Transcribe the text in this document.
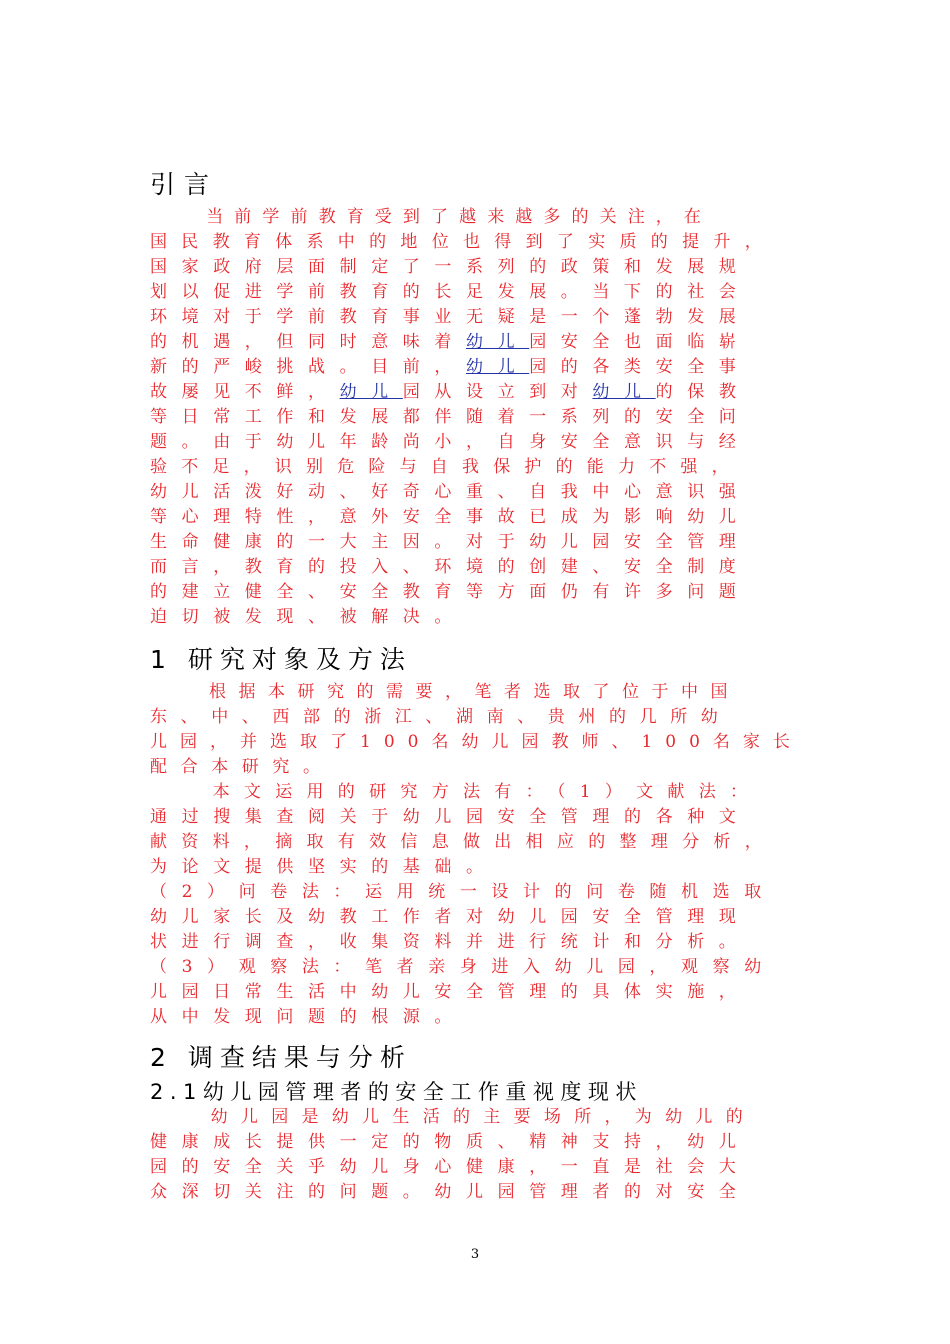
引言

　　当前学前教育受到了越来越多的关注，在

国民教育体系中的地位也得到了实质的提升，

国家政府层面制定了一系列的政策和发展规

划以促进学前教育的长足发展。当下的社会

环境对于学前教育事业无疑是一个蓬勃发展

的机遇，但同时意味着幼儿园安全也面临崭

新的严峻挑战。目前，幼儿园的各类安全事

故屡见不鲜，幼儿园从设立到对幼儿的保教

等日常工作和发展都伴随着一系列的安全问

题。由于幼儿年龄尚小，自身安全意识与经

验不足，识别危险与自我保护的能力不强，

幼儿活泼好动、好奇心重、自我中心意识强

等心理特性，意外安全事故已成为影响幼儿

生命健康的一大主因。对于幼儿园安全管理

而言，教育的投入、环境的创建、安全制度

的建立健全、安全教育等方面仍有许多问题

迫切被发现、被解决。

1 研究对象及方法

　　根据本研究的需要，笔者选取了位于中国

东、中、西部的浙江、湖南、贵州的几所幼

儿园，并选取了100名幼儿园教师、100名家长

配合本研究。

　　本文运用的研究方法有：（1）文献法：

通过搜集查阅关于幼儿园安全管理的各种文

献资料，摘取有效信息做出相应的整理分析，

为论文提供坚实的基础。

（2）问卷法：运用统一设计的问卷随机选取

幼儿家长及幼教工作者对幼儿园安全管理现

状进行调查，收集资料并进行统计和分析。

（3）观察法：笔者亲身进入幼儿园，观察幼

儿园日常生活中幼儿安全管理的具体实施，

从中发现问题的根源。

2 调查结果与分析
2.1幼儿园管理者的安全工作重视度现状

　　幼儿园是幼儿生活的主要场所，为幼儿的

健康成长提供一定的物质、精神支持，幼儿

园的安全关乎幼儿身心健康，一直是社会大

众深切关注的问题。幼儿园管理者的对安全

3
